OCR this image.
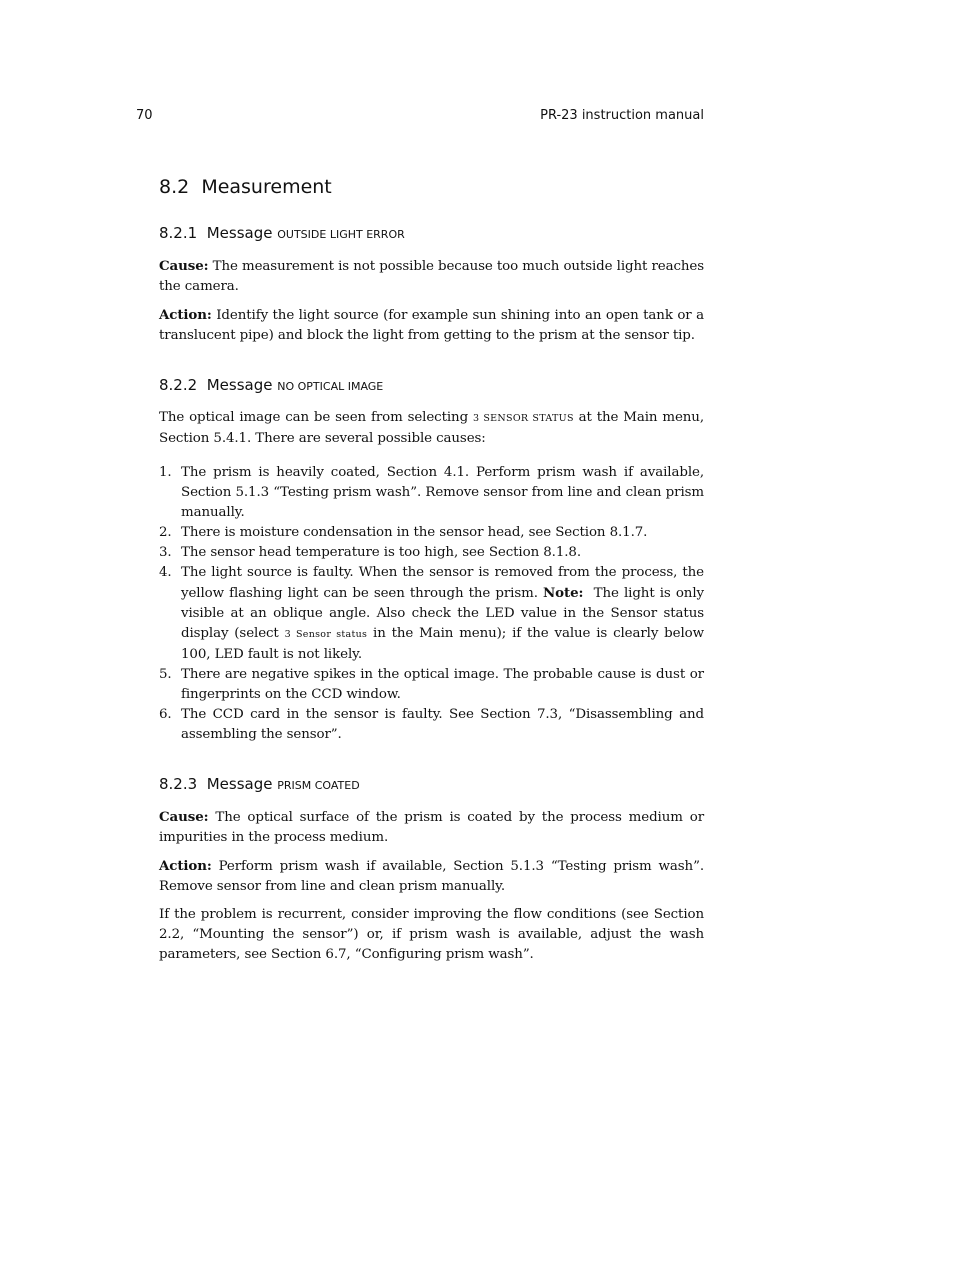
70	PR-23 instruction manual
8.2 Measurement
8.2.1 Message OUTSIDE LIGHT ERROR

Cause: The measurement is not possible because too much outside light reaches the camera.

Action: Identify the light source (for example sun shining into an open tank or a translucent pipe) and block the light from getting to the prism at the sensor tip.

8.2.2 Message NO OPTICAL IMAGE

The optical image can be seen from selecting 3 SENSOR STATUS at the Main menu, Section 5.4.1. There are several possible causes:

1. The prism is heavily coated, Section 4.1. Perform prism wash if available, Section 5.1.3 “Testing prism wash”. Remove sensor from line and clean prism manually.
2. There is moisture condensation in the sensor head, see Section 8.1.7.
3. The sensor head temperature is too high, see Section 8.1.8.
4. The light source is faulty. When the sensor is removed from the process, the yellow flashing light can be seen through the prism. Note: The light is only visible at an oblique angle. Also check the LED value in the Sensor status display (select 3 Sensor status in the Main menu); if the value is clearly below 100, LED fault is not likely.
5. There are negative spikes in the optical image. The probable cause is dust or fingerprints on the CCD window.
6. The CCD card in the sensor is faulty. See Section 7.3, “Disassembling and assembling the sensor”.
8.2.3 Message PRISM COATED

Cause: The optical surface of the prism is coated by the process medium or impurities in the process medium.

Action: Perform prism wash if available, Section 5.1.3 “Testing prism wash”. Remove sensor from line and clean prism manually.

If the problem is recurrent, consider improving the flow conditions (see Section 2.2, “Mounting the sensor”) or, if prism wash is available, adjust the wash parameters, see Section 6.7, “Configuring prism wash”.
